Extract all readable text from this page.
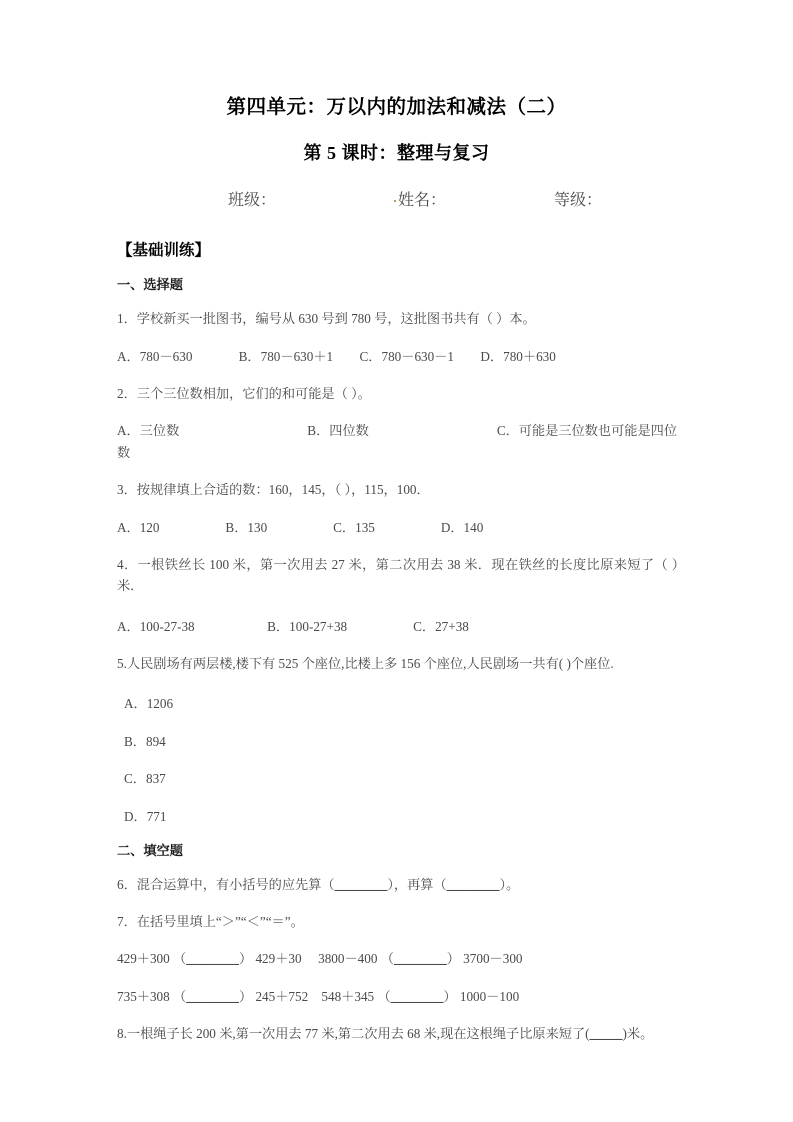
第四单元：万以内的加法和减法（二）
第 5 课时：整理与复习
班级：	姓名：	等级：
【基础训练】
一、选择题
1．学校新买一批图书，编号从 630 号到 780 号，这批图书共有（ ）本。
A．780－630              B．780－630＋1        C．780－630－1        D．780＋630
2．三个三位数相加，它们的和可能是（ ）。
A．三位数	B．四位数	C．可能是三位数也可能是四位
数
3．按规律填上合适的数：160，145，（ ），115，100．
A．120                    B．130                    C．135                    D．140
4．一根铁丝长 100 米，第一次用去 27 米，第二次用去 38 米．现在铁丝的长度比原来短了（ ）米．
A．100-27-38                      B．100-27+38                    C．27+38
5.人民剧场有两层楼,楼下有 525 个座位,比楼上多 156 个座位,人民剧场一共有( )个座位.
A．1206
B．894
C．837
D．771
二、填空题
6．混合运算中，有小括号的应先算（________），再算（________）。
7．在括号里填上“＞”“＜”“＝”。
429＋300 （________） 429＋30 3800－400 （________） 3700－300
735＋308 （________） 245＋752 548＋345 （________） 1000－100
8.一根绳子长 200 米,第一次用去 77 米,第二次用去 68 米,现在这根绳子比原来短了(_____)米。
